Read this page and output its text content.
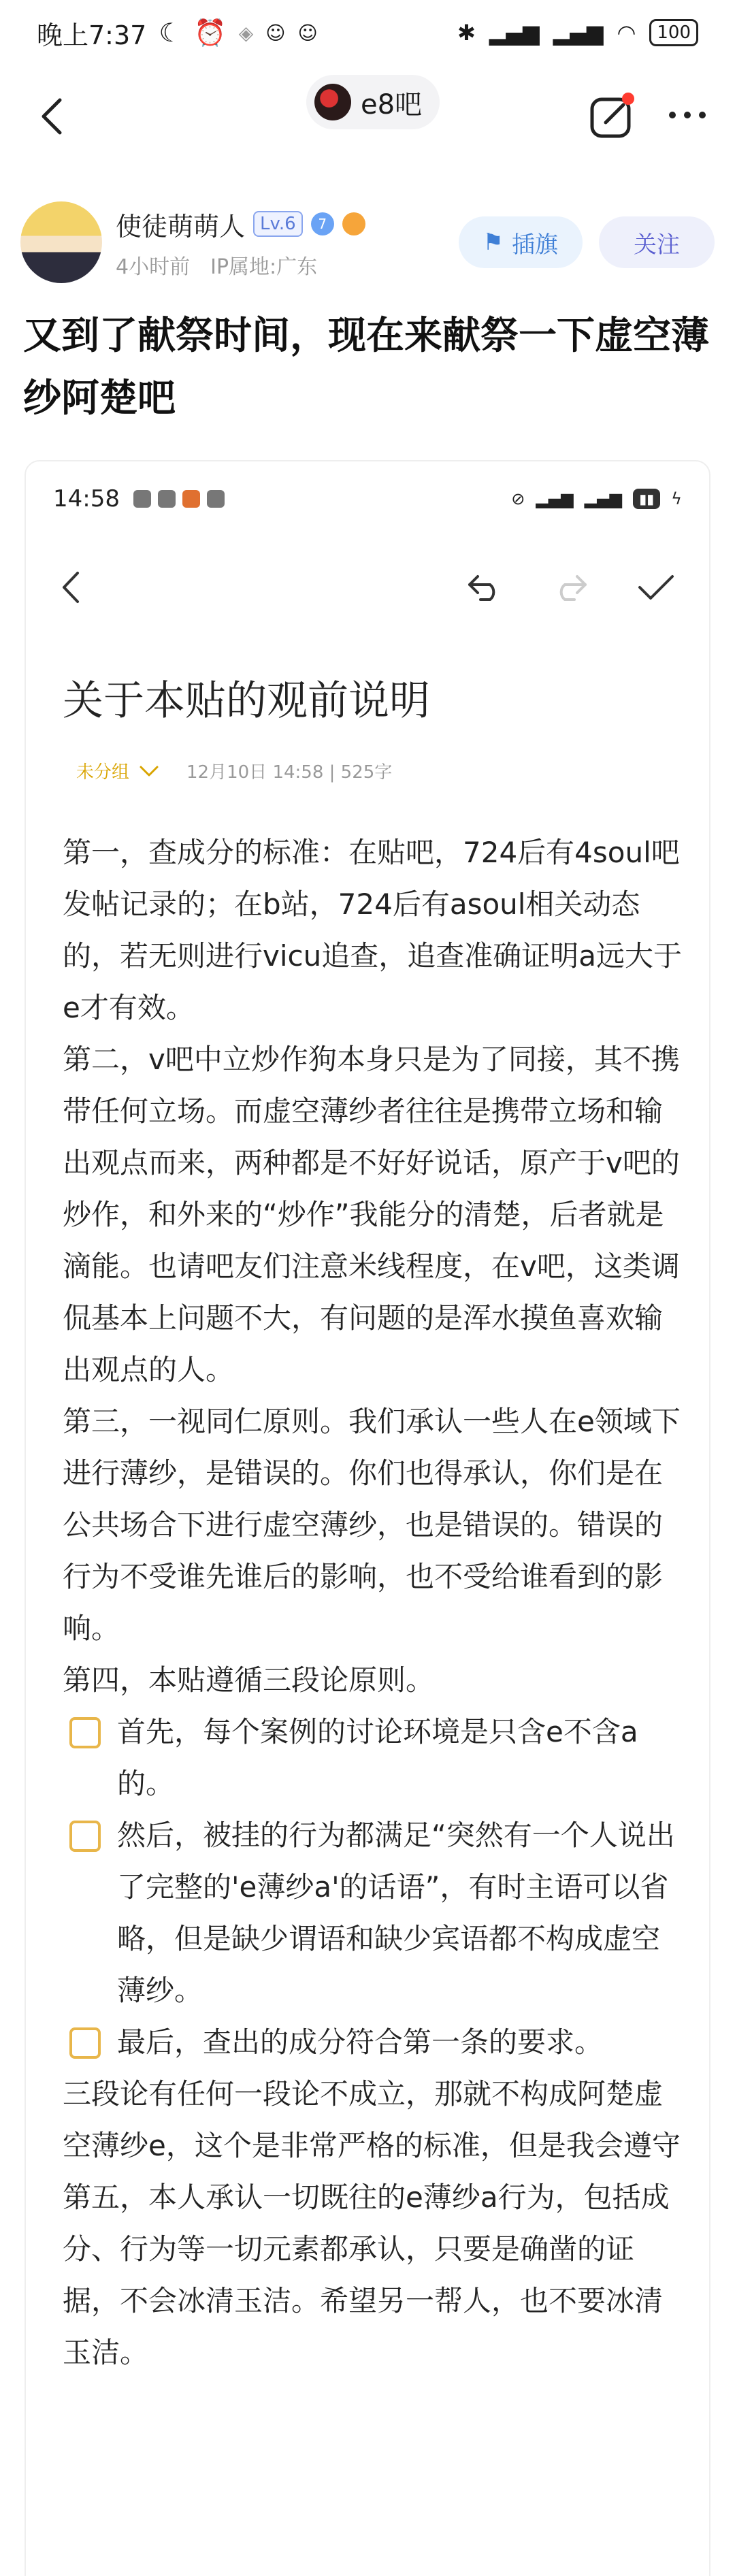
晚上7:37 ☾ ⏰ ◈ ☺ ☺	✱ ▂▄▆ ▂▄▆ ◠	100
e8吧
使徒萌萌人 Lv.6	7
4小时前 IP属地:广东
⚑ 插旗	关注
又到了献祭时间，现在来献祭一下虚空薄纱阿楚吧
14:58	⊘ ▂▄▆ ▂▄▆	▮▮	ϟ
关于本贴的观前说明
未分组	12月10日 14:58 | 525字

第一，查成分的标准：在贴吧，724后有4soul吧发帖记录的；在b站，724后有asoul相关动态的，若无则进行vicu追查，追查准确证明a远大于e才有效。

第二，v吧中立炒作狗本身只是为了同接，其不携带任何立场。而虚空薄纱者往往是携带立场和输出观点而来，两种都是不好好说话，原产于v吧的炒作，和外来的“炒作”我能分的清楚，后者就是滴能。也请吧友们注意米线程度，在v吧，这类调侃基本上问题不大，有问题的是浑水摸鱼喜欢输出观点的人。

第三，一视同仁原则。我们承认一些人在e领域下进行薄纱，是错误的。你们也得承认，你们是在公共场合下进行虚空薄纱，也是错误的。错误的行为不受谁先谁后的影响，也不受给谁看到的影响。

第四，本贴遵循三段论原则。

首先，每个案例的讨论环境是只含e不含a的。
然后，被挂的行为都满足“突然有一个人说出了完整的'e薄纱a'的话语”，有时主语可以省略，但是缺少谓语和缺少宾语都不构成虚空薄纱。
最后，查出的成分符合第一条的要求。

三段论有任何一段论不成立，那就不构成阿楚虚空薄纱e，这个是非常严格的标准，但是我会遵守

第五，本人承认一切既往的e薄纱a行为，包括成分、行为等一切元素都承认，只要是确凿的证据，不会冰清玉洁。希望另一帮人，也不要冰清玉洁。
